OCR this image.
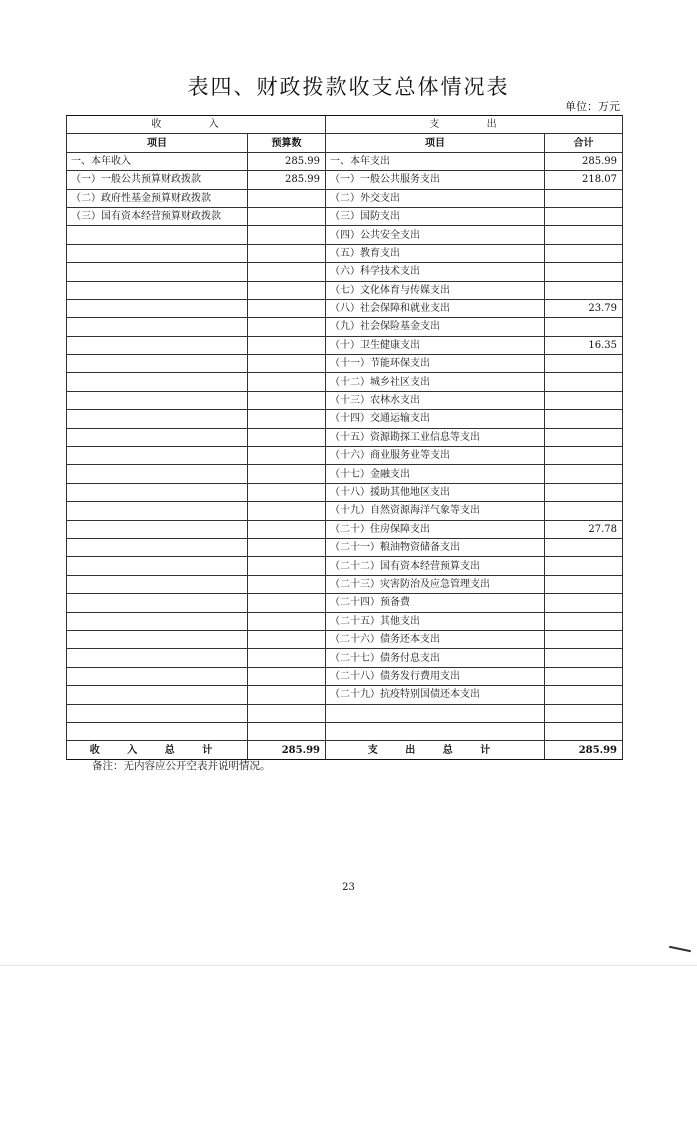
表四、财政拨款收支总体情况表
单位：万元
收 入		支 出	
项目	预算数	项目	合计
一、本年收入	285.99	一、本年支出	285.99
（一）一般公共预算财政拨款	285.99	（一）一般公共服务支出	218.07
（二）政府性基金预算财政拨款		（二）外交支出	
（三）国有资本经营预算财政拨款		（三）国防支出	
		（四）公共安全支出	
		（五）教育支出	
		（六）科学技术支出	
		（七）文化体育与传媒支出	
		（八）社会保障和就业支出	23.79
		（九）社会保险基金支出	
		（十）卫生健康支出	16.35
		（十一）节能环保支出	
		（十二）城乡社区支出	
		（十三）农林水支出	
		（十四）交通运输支出	
		（十五）资源勘探工业信息等支出	
		（十六）商业服务业等支出	
		（十七）金融支出	
		（十八）援助其他地区支出	
		（十九）自然资源海洋气象等支出	
		（二十）住房保障支出	27.78
		（二十一）粮油物资储备支出	
		（二十二）国有资本经营预算支出	
		（二十三）灾害防治及应急管理支出	
		（二十四）预备费	
		（二十五）其他支出	
		（二十六）债务还本支出	
		（二十七）债务付息支出	
		（二十八）债务发行费用支出	
		（二十九）抗疫特别国债还本支出	

收 入 总 计	285.99	支 出 总 计	285.99
备注：无内容应公开空表并说明情况。
23
